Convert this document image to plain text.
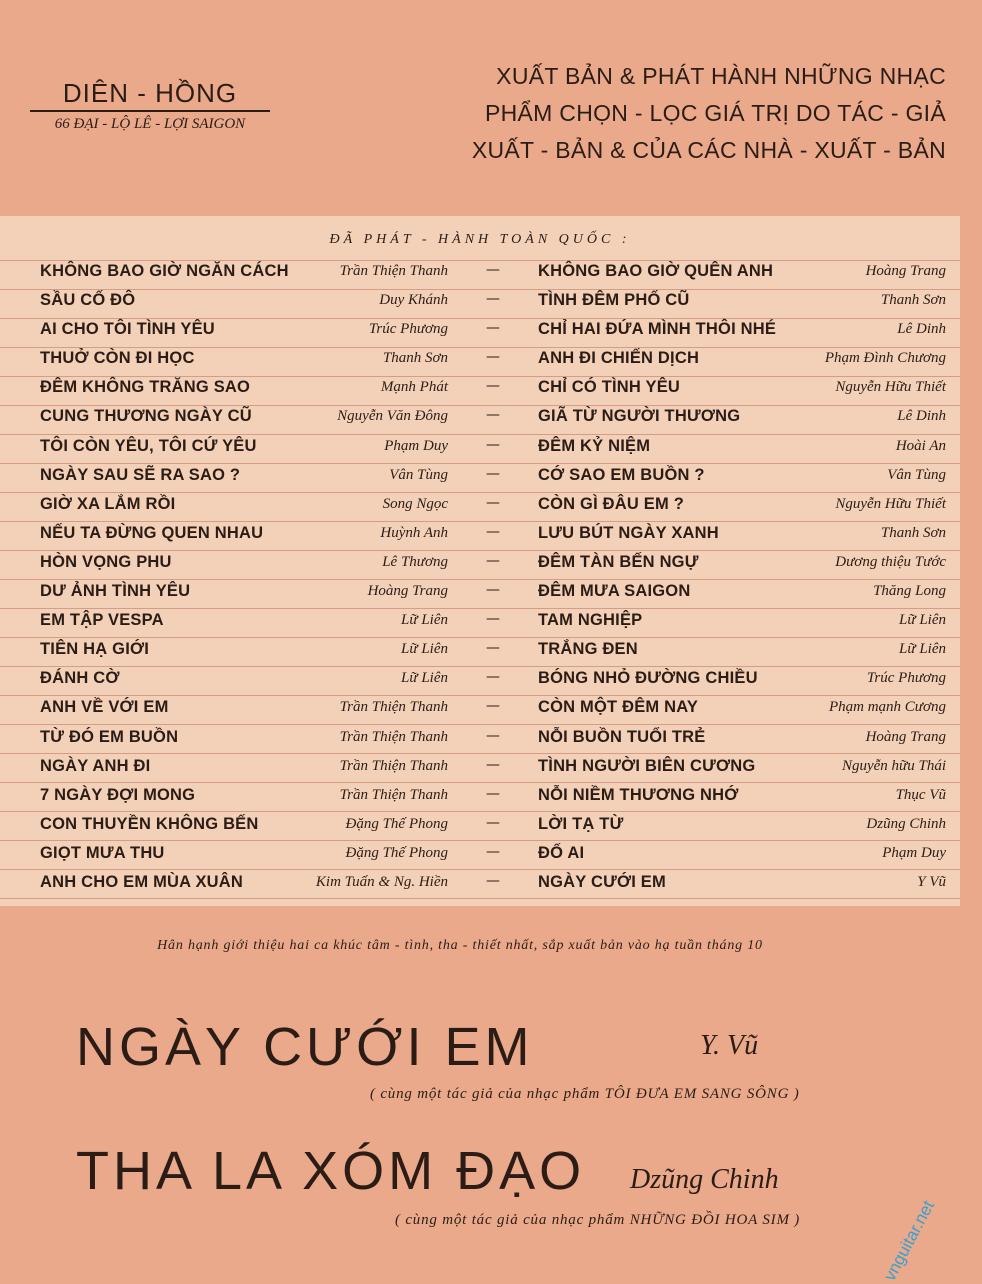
DIÊN - HỒNG
66 ĐẠI - LỘ LÊ - LỢI SAIGON
XUẤT BẢN & PHÁT HÀNH NHỮNG NHẠC
PHẨM CHỌN - LỌC GIÁ TRỊ DO TÁC - GIẢ
XUẤT - BẢN & CỦA CÁC NHÀ - XUẤT - BẢN
ĐÃ PHÁT - HÀNH TOÀN QUỐC :
KHÔNG BAO GIỜ NGĂN CÁCH	Trần Thiện Thanh	— KHÔNG BAO GIỜ QUÊN ANH	Hoàng Trang
SẦU CỐ ĐÔ	Duy Khánh	— TÌNH ĐÊM PHỐ CŨ	Thanh Sơn
AI CHO TÔI TÌNH YÊU	Trúc Phương	— CHỈ HAI ĐỨA MÌNH THÔI NHÉ	Lê Dinh
THUỞ CÒN ĐI HỌC	Thanh Sơn	— ANH ĐI CHIẾN DỊCH	Phạm Đình Chương
ĐÊM KHÔNG TRĂNG SAO	Mạnh Phát	— CHỈ CÓ TÌNH YÊU	Nguyễn Hữu Thiết
CUNG THƯƠNG NGÀY CŨ	Nguyễn Văn Đông	— GIÃ TỪ NGƯỜI THƯƠNG	Lê Dinh
TÔI CÒN YÊU, TÔI CỨ YÊU	Phạm Duy	— ĐÊM KỶ NIỆM	Hoài An
NGÀY SAU SẼ RA SAO ?	Vân Tùng	— CỚ SAO EM BUỒN ?	Vân Tùng
GIỜ XA LẮM RỒI	Song Ngọc	— CÒN GÌ ĐÂU EM ?	Nguyễn Hữu Thiết
NẾU TA ĐỪNG QUEN NHAU	Huỳnh Anh	— LƯU BÚT NGÀY XANH	Thanh Sơn
HÒN VỌNG PHU	Lê Thương	— ĐÊM TÀN BẾN NGỰ	Dương thiệu Tước
DƯ ẢNH TÌNH YÊU	Hoàng Trang	— ĐÊM MƯA SAIGON	Thăng Long
EM TẬP VESPA	Lữ Liên	— TAM NGHIỆP	Lữ Liên
TIÊN HẠ GIỚI	Lữ Liên	— TRẮNG ĐEN	Lữ Liên
ĐÁNH CỜ	Lữ Liên	— BÓNG NHỎ ĐƯỜNG CHIỀU	Trúc Phương
ANH VỀ VỚI EM	Trần Thiện Thanh	— CÒN MỘT ĐÊM NAY	Phạm mạnh Cương
TỪ ĐÓ EM BUỒN	Trần Thiện Thanh	— NỖI BUỒN TUỔI TRẺ	Hoàng Trang
NGÀY ANH ĐI	Trần Thiện Thanh	— TÌNH NGƯỜI BIÊN CƯƠNG	Nguyễn hữu Thái
7 NGÀY ĐỢI MONG	Trần Thiện Thanh	— NỖI NIỀM THƯƠNG NHỚ	Thục Vũ
CON THUYỀN KHÔNG BẾN	Đặng Thế Phong	— LỜI TẠ TỪ	Dzũng Chinh
GIỌT MƯA THU	Đặng Thế Phong	— ĐỐ AI	Phạm Duy
ANH CHO EM MÙA XUÂN	Kim Tuấn & Ng. Hiền	— NGÀY CƯỚI EM	Y Vũ
Hân hạnh giới thiệu hai ca khúc tâm - tình, tha - thiết nhất, sắp xuất bản vào hạ tuần tháng 10
NGÀY CƯỚI EM	Y. Vũ
( cùng một tác giả của nhạc phẩm TÔI ĐƯA EM SANG SÔNG )
THA LA XÓM ĐẠO Dzũng Chinh
( cùng một tác giả của nhạc phẩm NHỮNG ĐỒI HOA SIM )	vnguitar.net
